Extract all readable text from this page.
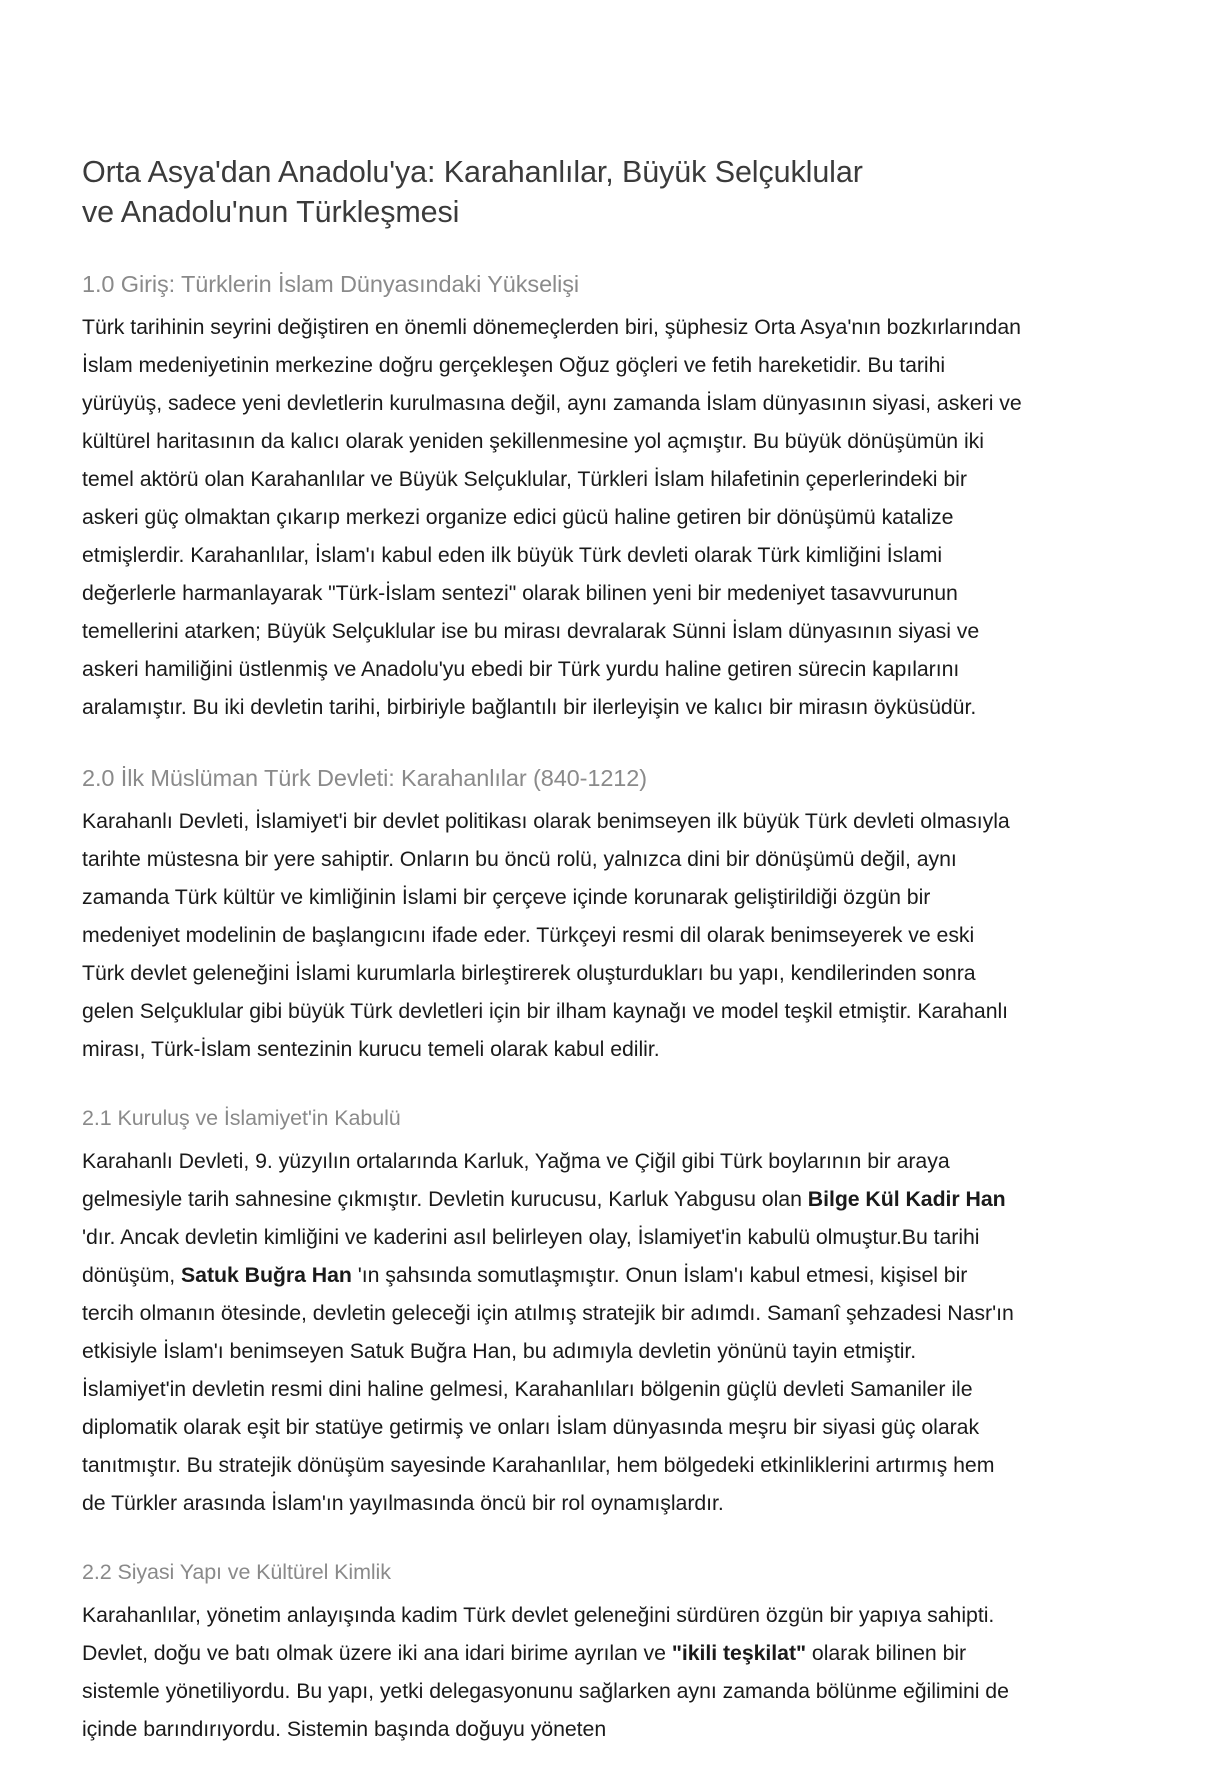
Orta Asya'dan Anadolu'ya: Karahanlılar, Büyük Selçuklular ve Anadolu'nun Türkleşmesi
1.0 Giriş: Türklerin İslam Dünyasındaki Yükselişi

Türk tarihinin seyrini değiştiren en önemli dönemeçlerden biri, şüphesiz Orta Asya'nın bozkırlarından İslam medeniyetinin merkezine doğru gerçekleşen Oğuz göçleri ve fetih hareketidir. Bu tarihi yürüyüş, sadece yeni devletlerin kurulmasına değil, aynı zamanda İslam dünyasının siyasi, askeri ve kültürel haritasının da kalıcı olarak yeniden şekillenmesine yol açmıştır. Bu büyük dönüşümün iki temel aktörü olan Karahanlılar ve Büyük Selçuklular, Türkleri İslam hilafetinin çeperlerindeki bir askeri güç olmaktan çıkarıp merkezi organize edici gücü haline getiren bir dönüşümü katalize etmişlerdir. Karahanlılar, İslam'ı kabul eden ilk büyük Türk devleti olarak Türk kimliğini İslami değerlerle harmanlayarak "Türk-İslam sentezi" olarak bilinen yeni bir medeniyet tasavvurunun temellerini atarken; Büyük Selçuklular ise bu mirası devralarak Sünni İslam dünyasının siyasi ve askeri hamiliğini üstlenmiş ve Anadolu'yu ebedi bir Türk yurdu haline getiren sürecin kapılarını aralamıştır. Bu iki devletin tarihi, birbiriyle bağlantılı bir ilerleyişin ve kalıcı bir mirasın öyküsüdür.

2.0 İlk Müslüman Türk Devleti: Karahanlılar (840-1212)

Karahanlı Devleti, İslamiyet'i bir devlet politikası olarak benimseyen ilk büyük Türk devleti olmasıyla tarihte müstesna bir yere sahiptir. Onların bu öncü rolü, yalnızca dini bir dönüşümü değil, aynı zamanda Türk kültür ve kimliğinin İslami bir çerçeve içinde korunarak geliştirildiği özgün bir medeniyet modelinin de başlangıcını ifade eder. Türkçeyi resmi dil olarak benimseyerek ve eski Türk devlet geleneğini İslami kurumlarla birleştirerek oluşturdukları bu yapı, kendilerinden sonra gelen Selçuklular gibi büyük Türk devletleri için bir ilham kaynağı ve model teşkil etmiştir. Karahanlı mirası, Türk-İslam sentezinin kurucu temeli olarak kabul edilir.

2.1 Kuruluş ve İslamiyet'in Kabulü

Karahanlı Devleti, 9. yüzyılın ortalarında Karluk, Yağma ve Çiğil gibi Türk boylarının bir araya gelmesiyle tarih sahnesine çıkmıştır. Devletin kurucusu, Karluk Yabgusu olan Bilge Kül Kadir Han 'dır. Ancak devletin kimliğini ve kaderini asıl belirleyen olay, İslamiyet'in kabulü olmuştur.Bu tarihi dönüşüm, Satuk Buğra Han 'ın şahsında somutlaşmıştır. Onun İslam'ı kabul etmesi, kişisel bir tercih olmanın ötesinde, devletin geleceği için atılmış stratejik bir adımdı. Samanî şehzadesi Nasr'ın etkisiyle İslam'ı benimseyen Satuk Buğra Han, bu adımıyla devletin yönünü tayin etmiştir. İslamiyet'in devletin resmi dini haline gelmesi, Karahanlıları bölgenin güçlü devleti Samaniler ile diplomatik olarak eşit bir statüye getirmiş ve onları İslam dünyasında meşru bir siyasi güç olarak tanıtmıştır. Bu stratejik dönüşüm sayesinde Karahanlılar, hem bölgedeki etkinliklerini artırmış hem de Türkler arasında İslam'ın yayılmasında öncü bir rol oynamışlardır.

2.2 Siyasi Yapı ve Kültürel Kimlik

Karahanlılar, yönetim anlayışında kadim Türk devlet geleneğini sürdüren özgün bir yapıya sahipti. Devlet, doğu ve batı olmak üzere iki ana idari birime ayrılan ve "ikili teşkilat" olarak bilinen bir sistemle yönetiliyordu. Bu yapı, yetki delegasyonunu sağlarken aynı zamanda bölünme eğilimini de içinde barındırıyordu. Sistemin başında doğuyu yöneten
